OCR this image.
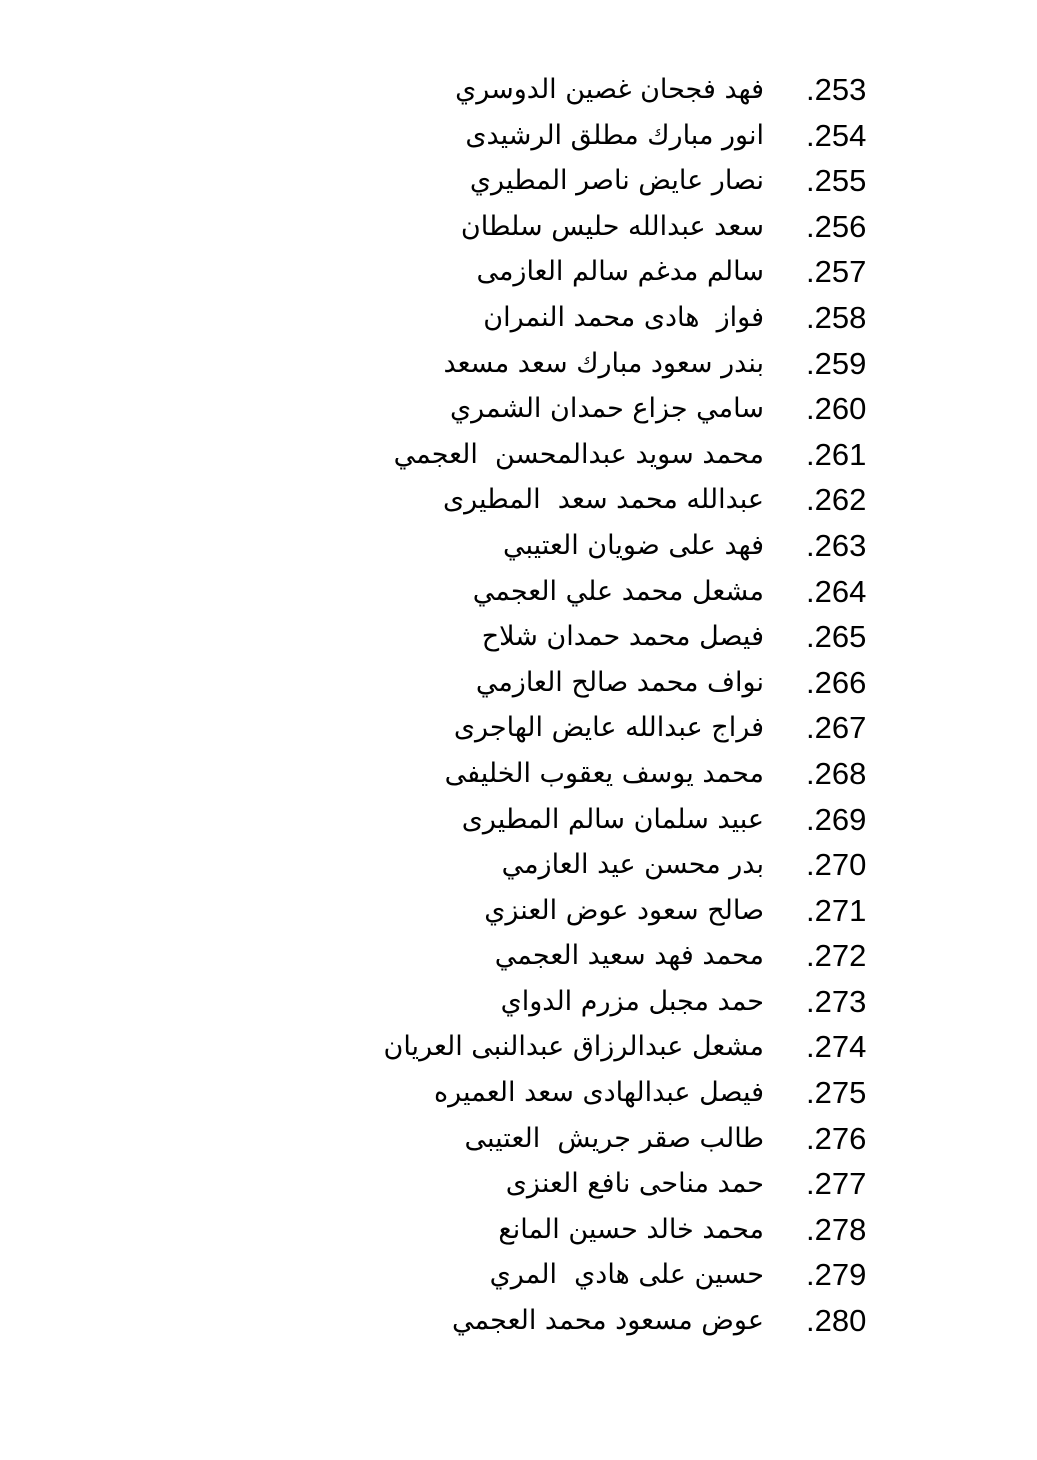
.253
فهد فجحان غصين الدوسري
.254
انور مبارك مطلق الرشيدى
.255
نصار عايض ناصر المطيري
.256
سعد عبدالله حليس سلطان
.257
سالم مدغم سالم العازمى
.258
فواز  هادى محمد النمران
.259
بندر سعود مبارك سعد مسعد
.260
سامي جزاع حمدان الشمري
.261
محمد سويد عبدالمحسن  العجمي
.262
عبدالله محمد سعد  المطيرى
.263
فهد على ضويان العتيبي
.264
مشعل محمد علي العجمي
.265
فيصل محمد حمدان شلاح
.266
نواف محمد صالح العازمي
.267
فراج عبدالله عايض الهاجرى
.268
محمد يوسف يعقوب الخليفى
.269
عبيد سلمان سالم المطيرى
.270
بدر محسن عيد العازمي
.271
صالح سعود عوض العنزي
.272
محمد فهد سعيد العجمي
.273
حمد مجبل مزرم الدواي
.274
مشعل عبدالرزاق عبدالنبى العريان
.275
فيصل عبدالهادى سعد العميره
.276
طالب صقر جريش  العتيبى
.277
حمد مناحى نافع العنزى
.278
محمد خالد حسين المانع
.279
حسين على هادي  المري
.280
عوض مسعود محمد العجمي
